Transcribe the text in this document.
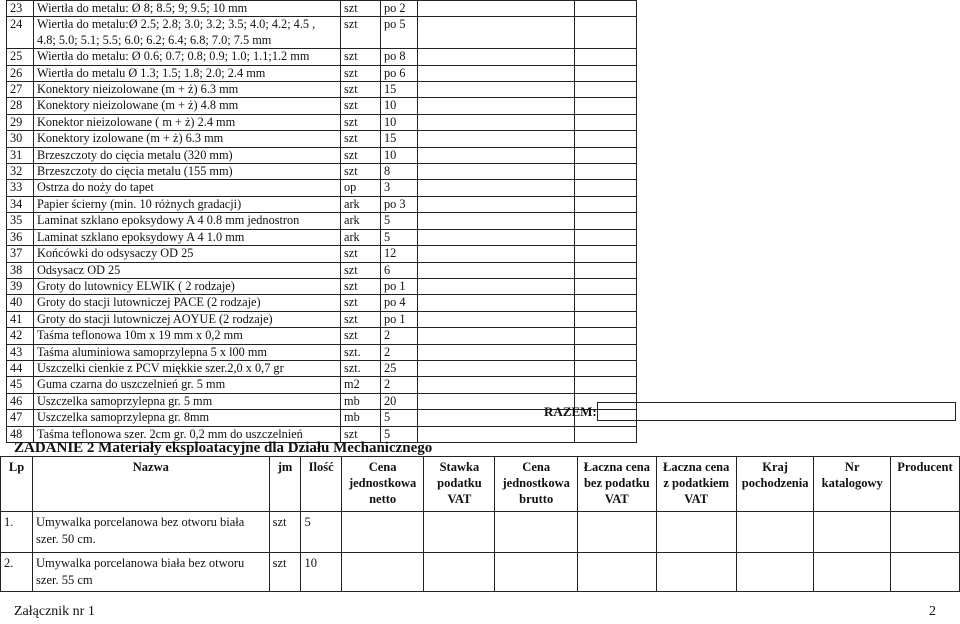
23	Wiertła do metalu: Ø 8; 8.5; 9; 9.5; 10 mm	szt	po 2		
24	Wiertła do metalu:Ø 2.5; 2.8; 3.0; 3.2; 3.5; 4.0; 4.2; 4.5 ,
4.8; 5.0; 5.1; 5.5; 6.0; 6.2; 6.4; 6.8; 7.0; 7.5 mm	szt	po 5		
25	Wiertła do metalu: Ø 0.6; 0.7; 0.8; 0.9; 1.0; 1.1;1.2 mm	szt	po 8		
26	Wiertła do metalu Ø 1.3; 1.5; 1.8; 2.0; 2.4 mm	szt	po 6		
27	Konektory nieizolowane (m + ż) 6.3 mm	szt	15		
28	Konektory nieizolowane (m + ż) 4.8 mm	szt	10		
29	Konektor nieizolowane ( m + ż) 2.4 mm	szt	10		
30	Konektory izolowane (m + ż) 6.3 mm	szt	15		
31	Brzeszczoty do cięcia metalu (320 mm)	szt	10		
32	Brzeszczoty do cięcia metalu (155 mm)	szt	8		
33	Ostrza do noży do tapet	op	3		
34	Papier ścierny (min. 10 różnych gradacji)	ark	po 3		
35	Laminat szklano epoksydowy A 4 0.8 mm jednostron	ark	5		
36	Laminat szklano epoksydowy A 4 1.0 mm	ark	5		
37	Końcówki do odsysaczy OD 25	szt	12		
38	Odsysacz OD 25	szt	6		
39	Groty do lutownicy ELWIK ( 2 rodzaje)	szt	po 1		
40	Groty do stacji lutowniczej PACE (2 rodzaje)	szt	po 4		
41	Groty do stacji lutowniczej AOYUE (2 rodzaje)	szt	po 1		
42	Taśma teflonowa 10m x 19 mm x 0,2 mm	szt	2		
43	Taśma aluminiowa samoprzylepna 5 x l00 mm	szt.	2		
44	Uszczelki cienkie z PCV miękkie szer.2,0 x 0,7 gr	szt.	25		
45	Guma czarna do uszczelnień gr. 5 mm	m2	2		
46	Uszczelka samoprzylepna gr. 5 mm	mb	20		
47	Uszczelka samoprzylepna gr. 8mm	mb	5		
48	Taśma teflonowa szer. 2cm gr. 0,2 mm do uszczelnień	szt	5		
RAZEM:
ZADANIE 2 Materiały eksploatacyjne dla Działu Mechanicznego
Lp	Nazwa	jm	Ilość	Cena jednostkowa netto	Stawka podatku VAT	Cena jednostkowa brutto	Łaczna cena bez podatku VAT	Łaczna cena z podatkiem VAT	Kraj pochodzenia	Nr katalogowy	Producent
1.	Umywalka porcelanowa bez otworu biała szer. 50 cm.	szt	5								
2.	Umywalka porcelanowa biała bez otworu szer. 55 cm	szt	10								
Załącznik nr 1	2
